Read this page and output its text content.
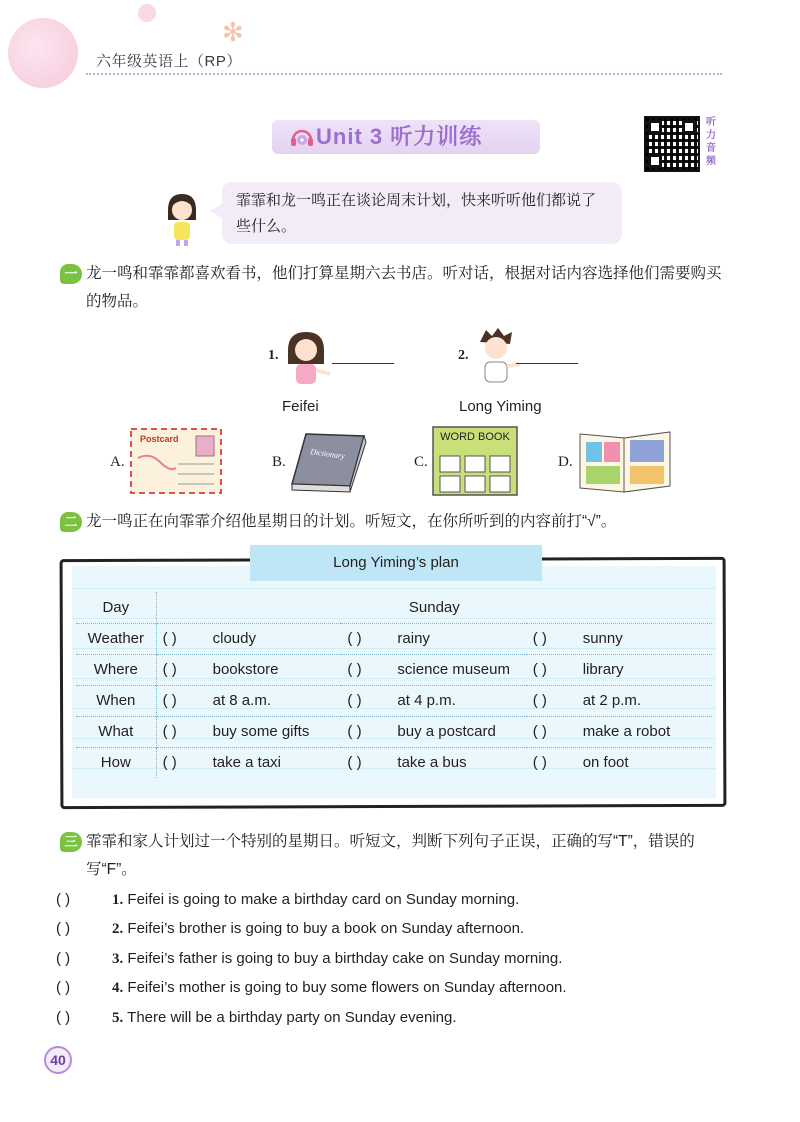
✻
六年级英语上（RP）
Unit 3 听力训练
听力音频
霏霏和龙一鸣正在谈论周末计划，快来听听他们都说了些什么。
一 龙一鸣和霏霏都喜欢看书，他们打算星期六去书店。听对话，根据对话内容选择他们需要购买的物品。
1.
Feifei
2.
Long Yiming
A.
Postcard
B.
Dictionary
C.
WORD BOOK
D.
二 龙一鸣正在向霏霏介绍他星期日的计划。听短文，在你所听到的内容前打“√”。
Long Yiming’s plan
Day	Sunday		
Weather	( ) cloudy	( ) rainy	( ) sunny
Where	( ) bookstore	( ) science museum	( ) library
When	( ) at 8 a.m.	( ) at 4 p.m.	( ) at 2 p.m.
What	( ) buy some gifts	( ) buy a postcard	( ) make a robot
How	( ) take a taxi	( ) take a bus	( ) on foot
三 霏霏和家人计划过一个特别的星期日。听短文，判断下列句子正误，正确的写“T”，错误的写“F”。
( )	1. Feifei is going to make a birthday card on Sunday morning.
( )	2. Feifei’s brother is going to buy a book on Sunday afternoon.
( )	3. Feifei’s father is going to buy a birthday cake on Sunday morning.
( )	4. Feifei’s mother is going to buy some flowers on Sunday afternoon.
( )	5. There will be a birthday party on Sunday evening.
40
